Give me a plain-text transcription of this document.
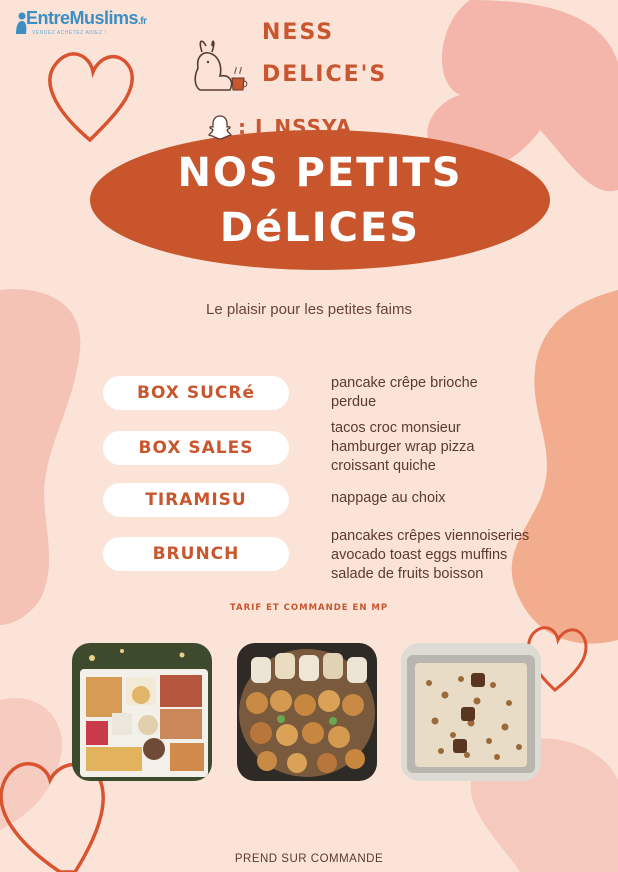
EntreMuslims.fr
VENDEZ ACHETEZ AIDEZ !	NESS
DELICE'S
: I_NSSYA
NOS PETITS
DéLICES
Le plaisir pour les petites faims
BOX SUCRé
BOX SALES
TIRAMISU
BRUNCH
pancake crêpe brioche
perdue
tacos croc monsieur
hamburger wrap pizza
croissant quiche
nappage au choix
pancakes crêpes viennoiseries
avocado toast eggs muffins
salade de fruits boisson
TARIF ET COMMANDE EN MP
PREND SUR COMMANDE
